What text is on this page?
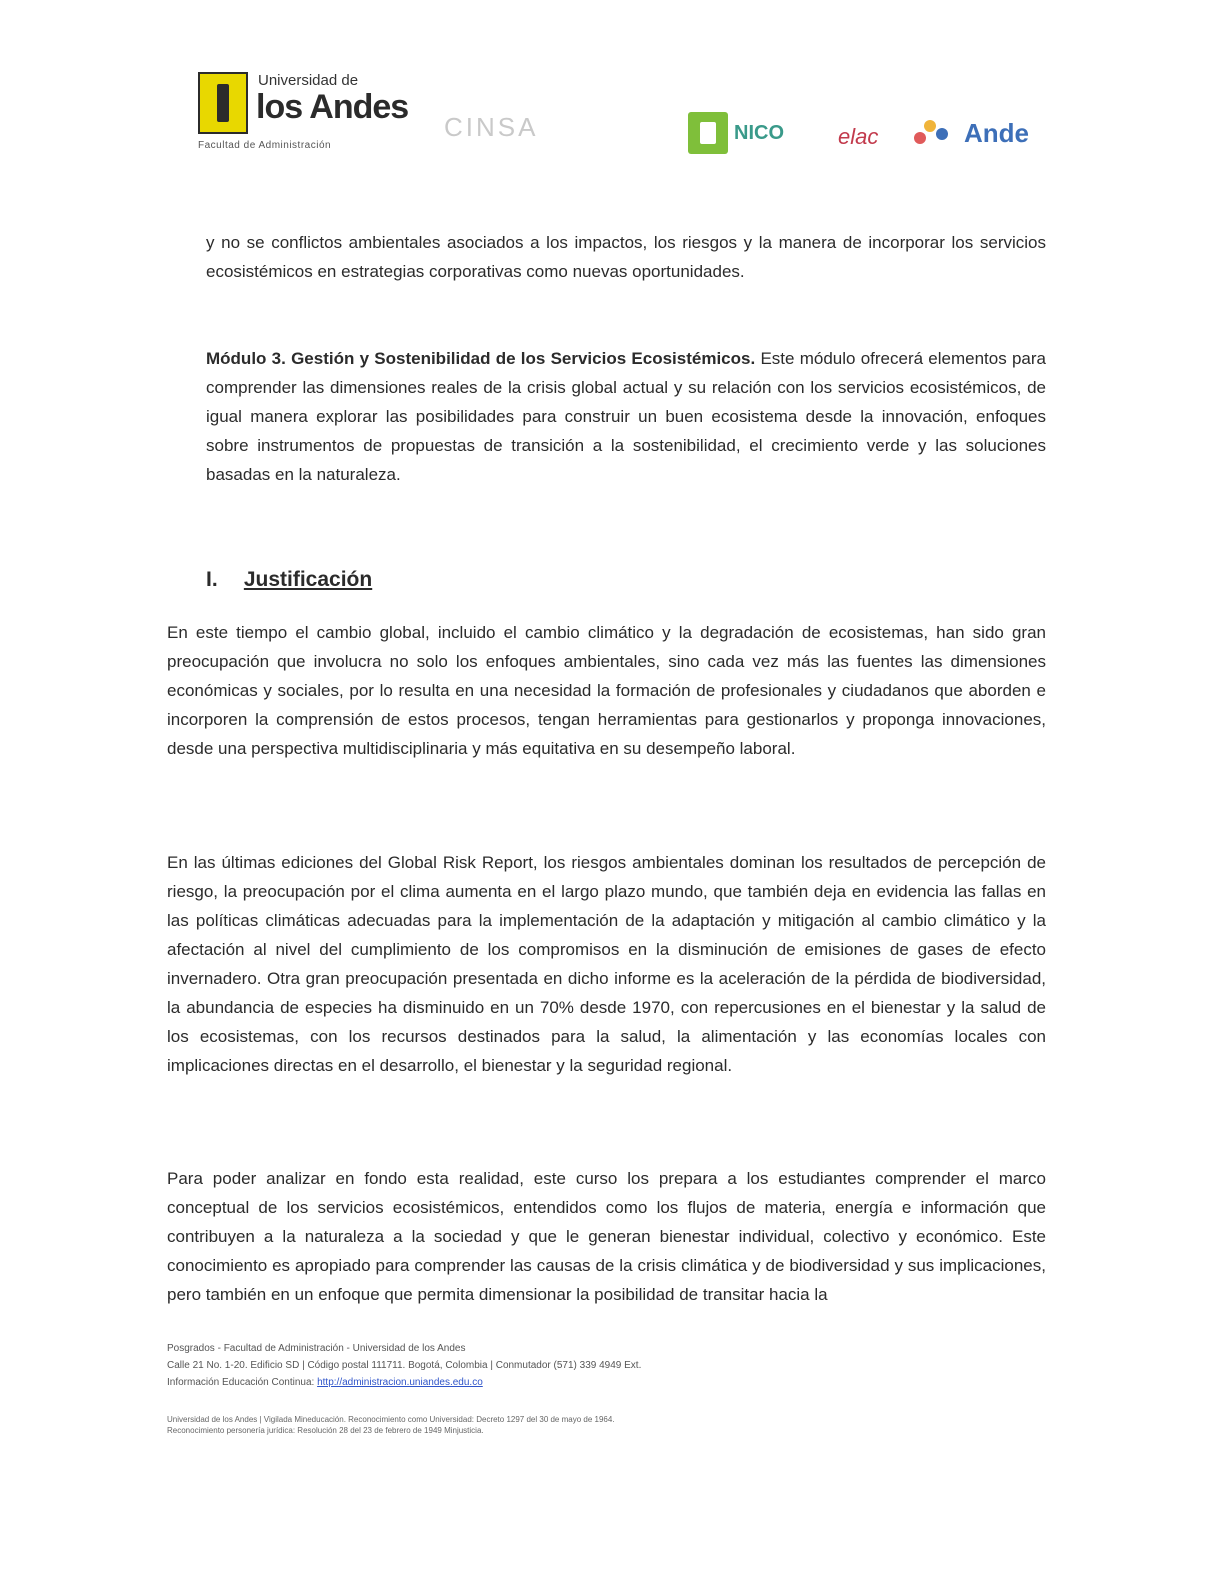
Universidad de
los Andes
Facultad de Administración
CINSA	NICO elac	Ande

y no se conflictos ambientales asociados a los impactos, los riesgos y la manera de incorporar los servicios ecosistémicos en estrategias corporativas como nuevas oportunidades.

Módulo 3. Gestión y Sostenibilidad de los Servicios Ecosistémicos. Este módulo ofrecerá elementos para comprender las dimensiones reales de la crisis global actual y su relación con los servicios ecosistémicos, de igual manera explorar las posibilidades para construir un buen ecosistema desde la innovación, enfoques sobre instrumentos de propuestas de transición a la sostenibilidad, el crecimiento verde y las soluciones basadas en la naturaleza.

I. Justificación

En este tiempo el cambio global, incluido el cambio climático y la degradación de ecosistemas, han sido gran preocupación que involucra no solo los enfoques ambientales, sino cada vez más las fuentes las dimensiones económicas y sociales, por lo resulta en una necesidad la formación de profesionales y ciudadanos que aborden e incorporen la comprensión de estos procesos, tengan herramientas para gestionarlos y proponga innovaciones, desde una perspectiva multidisciplinaria y más equitativa en su desempeño laboral.

En las últimas ediciones del Global Risk Report, los riesgos ambientales dominan los resultados de percepción de riesgo, la preocupación por el clima aumenta en el largo plazo mundo, que también deja en evidencia las fallas en las políticas climáticas adecuadas para la implementación de la adaptación y mitigación al cambio climático y la afectación al nivel del cumplimiento de los compromisos en la disminución de emisiones de gases de efecto invernadero. Otra gran preocupación presentada en dicho informe es la aceleración de la pérdida de biodiversidad, la abundancia de especies ha disminuido en un 70% desde 1970, con repercusiones en el bienestar y la salud de los ecosistemas, con los recursos destinados para la salud, la alimentación y las economías locales con implicaciones directas en el desarrollo, el bienestar y la seguridad regional.

Para poder analizar en fondo esta realidad, este curso los prepara a los estudiantes comprender el marco conceptual de los servicios ecosistémicos, entendidos como los flujos de materia, energía e información que contribuyen a la naturaleza a la sociedad y que le generan bienestar individual, colectivo y económico. Este conocimiento es apropiado para comprender las causas de la crisis climática y de biodiversidad y sus implicaciones, pero también en un enfoque que permita dimensionar la posibilidad de transitar hacia la

Posgrados - Facultad de Administración - Universidad de los Andes
Calle 21 No. 1-20. Edificio SD | Código postal 111711. Bogotá, Colombia | Conmutador (571) 339 4949 Ext.
Información Educación Continua: http://administracion.uniandes.edu.co
Universidad de los Andes | Vigilada Mineducación. Reconocimiento como Universidad: Decreto 1297 del 30 de mayo de 1964.
Reconocimiento personería jurídica: Resolución 28 del 23 de febrero de 1949 Minjusticia.
